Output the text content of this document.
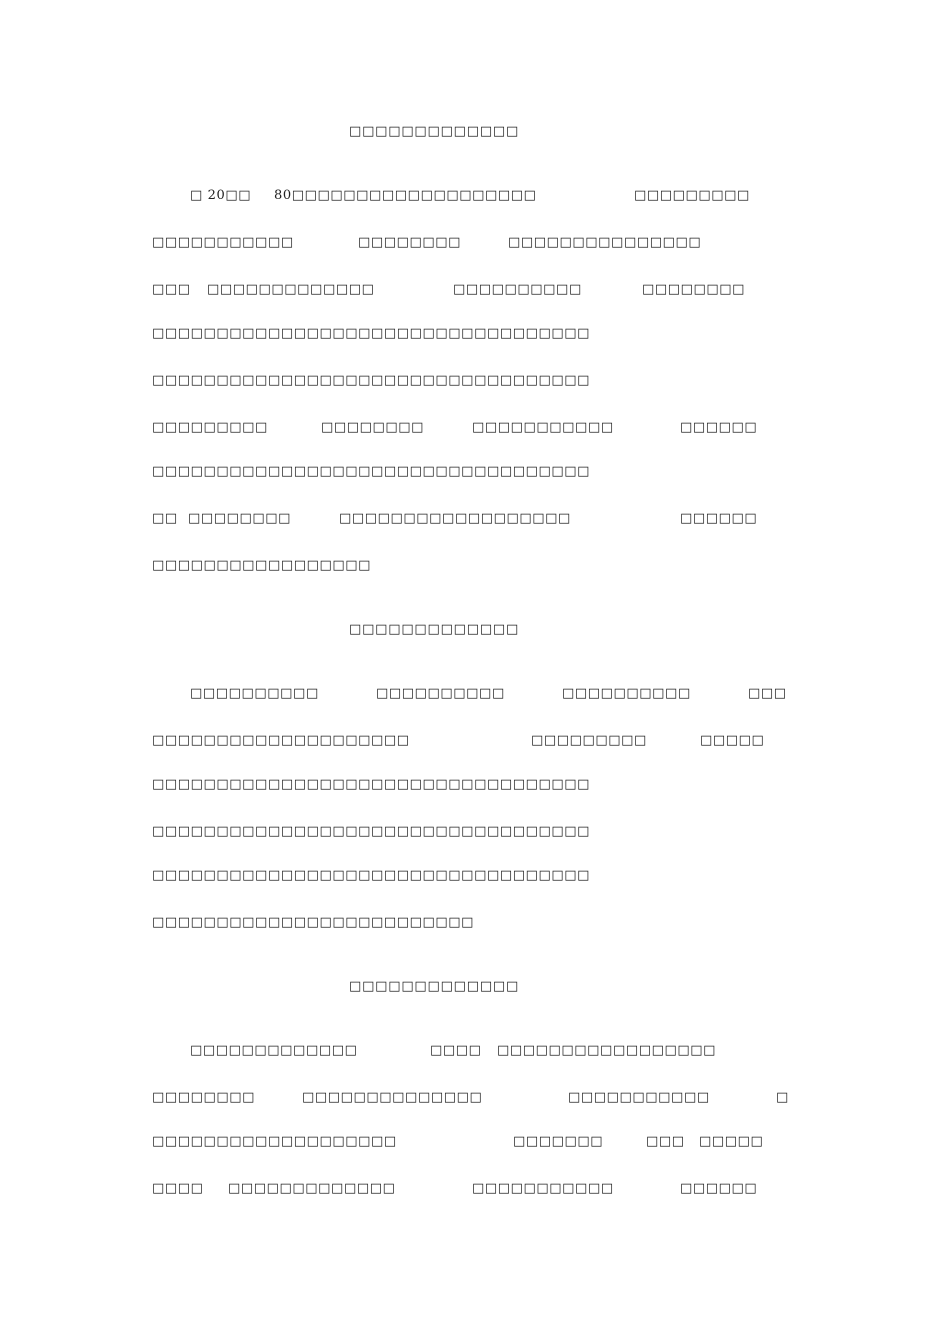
□□□□□□□□□□□□□

□ 20□□

80□□□□□□□□□□□□□□□□□□□

	□□□□□□□□□

□□□□□□□□□□□

	□□□□□□□□

	□□□□□□□□□□□□□□□

□□□

□□□□□□□□□□□□□

	□□□□□□□□□□

	□□□□□□□□

□□□□□□□□□□□□□□□□□□□□□□□□□□□□□□□□□□

□□□□□□□□□□□□□□□□□□□□□□□□□□□□□□□□□□

□□□□□□□□□

	□□□□□□□□

	□□□□□□□□□□□

	□□□□□□

□□□□□□□□□□□□□□□□□□□□□□□□□□□□□□□□□□

□□

□□□□□□□□

	□□□□□□□□□□□□□□□□□□

	□□□□□□

□□□□□□□□□□□□□□□□□

□□□□□□□□□□□□□

□□□□□□□□□□

	□□□□□□□□□□

	□□□□□□□□□□

	□□□

□□□□□□□□□□□□□□□□□□□□

	□□□□□□□□□

	□□□□□

□□□□□□□□□□□□□□□□□□□□□□□□□□□□□□□□□□

□□□□□□□□□□□□□□□□□□□□□□□□□□□□□□□□□□

□□□□□□□□□□□□□□□□□□□□□□□□□□□□□□□□□□

□□□□□□□□□□□□□□□□□□□□□□□□□

□□□□□□□□□□□□□

□□□□□□□□□□□□□

	□□□□

□□□□□□□□□□□□□□□□□

□□□□□□□□

	□□□□□□□□□□□□□□

	□□□□□□□□□□□

	□

□□□□□□□□□□□□□□□□□□□

	□□□□□□□

	□□□

□□□□□

□□□□

□□□□□□□□□□□□□

	□□□□□□□□□□□

	□□□□□□
